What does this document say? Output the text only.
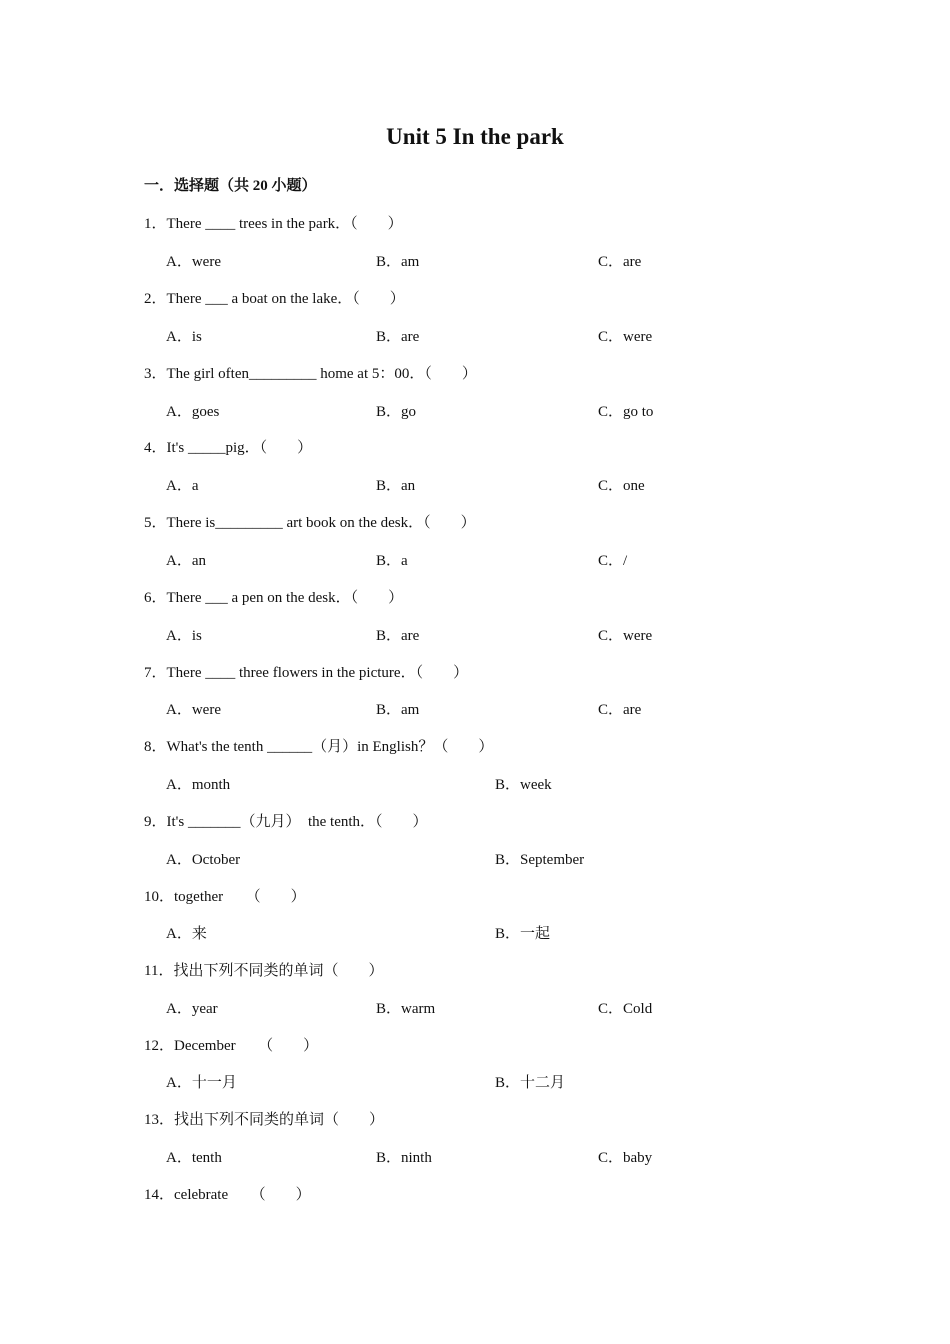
Unit 5 In the park
一．选择题（共 20 小题）
1．There ____ trees in the park．（　　）
A．were	B．am	C．are
2．There ___ a boat on the lake．（　　）
A．is	B．are	C．were
3．The girl often_________ home at 5：00．（　　）
A．goes	B．go	C．go to
4．It's _____pig．（　　）
A．a	B．an	C．one
5．There is_________ art book on the desk．（　　）
A．an	B．a	C．/
6．There ___ a pen on the desk．（　　）
A．is	B．are	C．were
7．There ____ three flowers in the picture．（　　）
A．were	B．am	C．are
8．What's the tenth ______（月）in English？（　　）
A．month	B．week
9．It's _______（九月）　the tenth．（　　）
A．October	B．September
10．together　　（　　）
A．来	B．一起
11．找出下列不同类的单词（　　）
A．year	B．warm	C．Cold
12．December　　（　　）
A．十一月	B．十二月
13．找出下列不同类的单词（　　）
A．tenth	B．ninth	C．baby
14．celebrate　　（　　）
